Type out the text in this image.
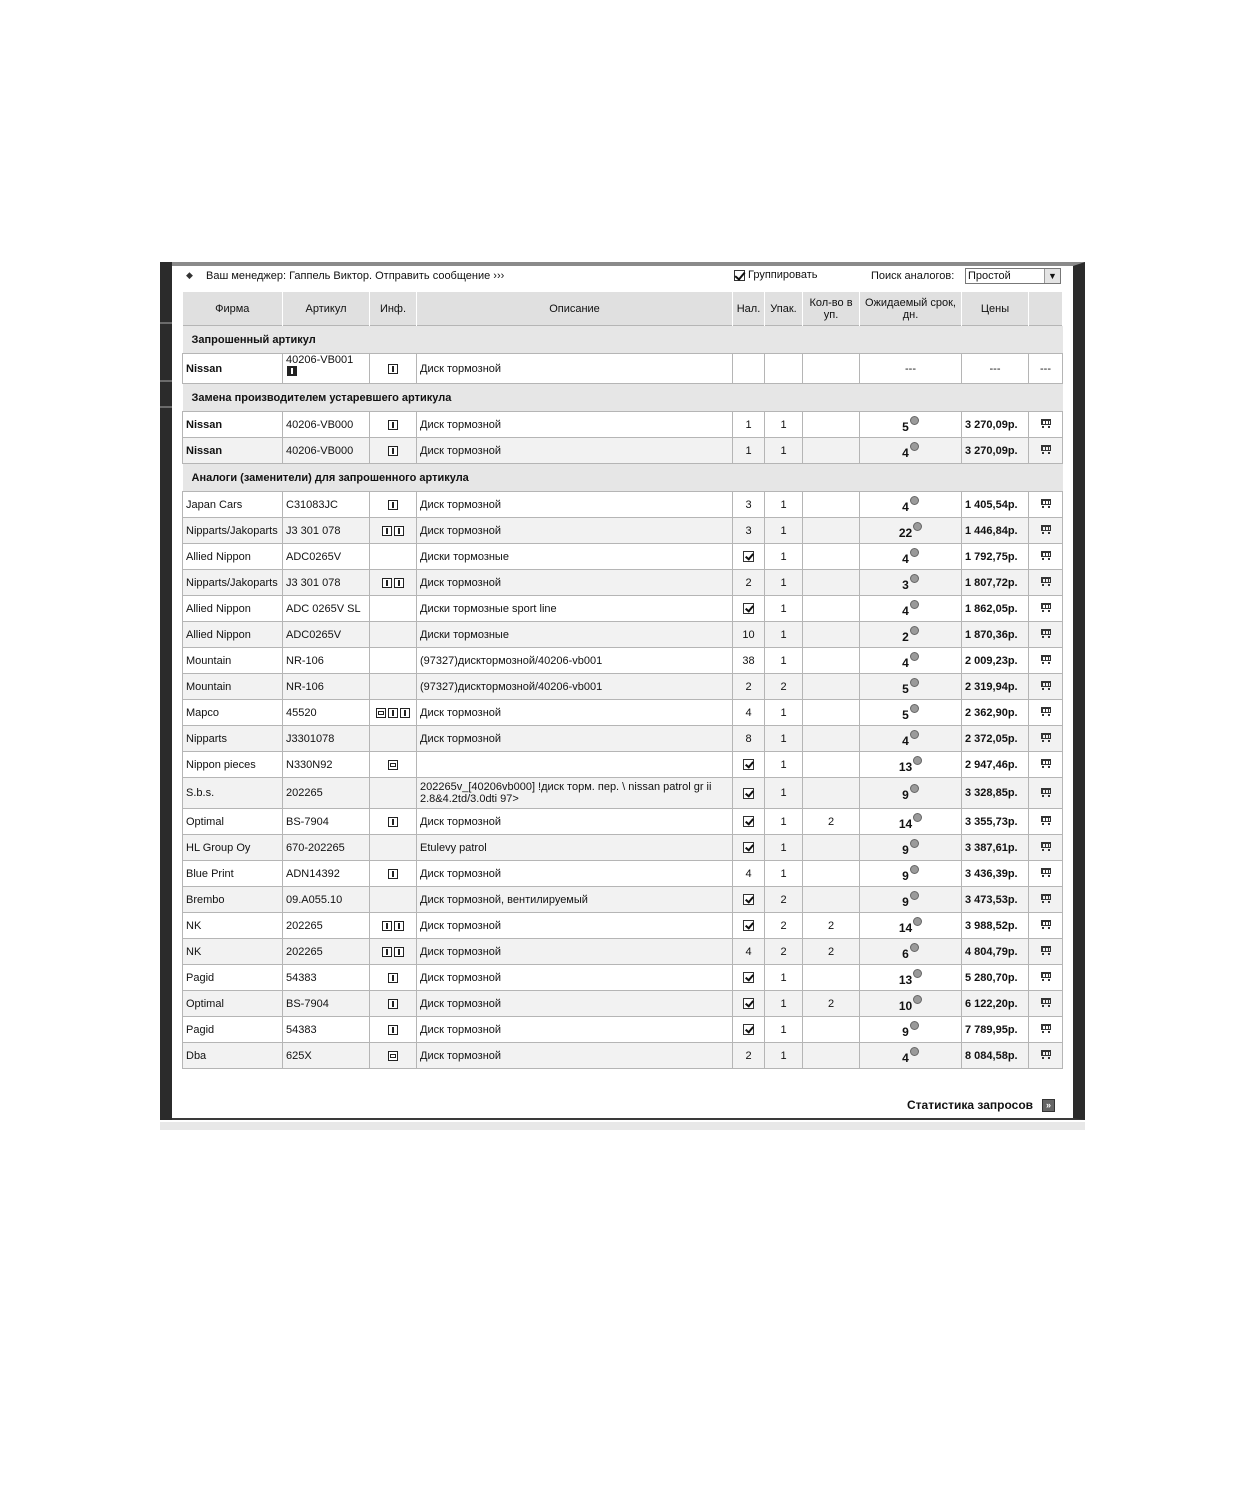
◆ Ваш менеджер: Гаппель Виктор. Отправить сообщение ›››	Группировать	Поиск аналогов: Простой	▼
Фирма	Артикул	Инф.	Описание	Нал.	Упак.	Кол-во в уп.	Ожидаемый срок, дн.	Цены	
Запрошенный артикул									
Nissan	40206-VB001		Диск тормозной				---	---	---
Замена производителем устаревшего артикула									
Nissan	40206-VB000		Диск тормозной	1	1		5	3 270,09р.	
Nissan	40206-VB000		Диск тормозной	1	1		4	3 270,09р.	
Аналоги (заменители) для запрошенного артикула									
Japan Cars	C31083JC		Диск тормозной	3	1		4	1 405,54р.	
Nipparts/Jakoparts	J3 301 078		Диск тормозной	3	1		22	1 446,84р.	
Allied Nippon	ADC0265V		Диски тормозные		1		4	1 792,75р.	
Nipparts/Jakoparts	J3 301 078		Диск тормозной	2	1		3	1 807,72р.	
Allied Nippon	ADC 0265V SL		Диски тормозные sport line		1		4	1 862,05р.	
Allied Nippon	ADC0265V		Диски тормозные	10	1		2	1 870,36р.	
Mountain	NR-106		(97327)дисктормозной/40206-vb001	38	1		4	2 009,23р.	
Mountain	NR-106		(97327)дисктормозной/40206-vb001	2	2		5	2 319,94р.	
Mapco	45520		Диск тормозной	4	1		5	2 362,90р.	
Nipparts	J3301078		Диск тормозной	8	1		4	2 372,05р.	
Nippon pieces	N330N92				1		13	2 947,46р.	
S.b.s.	202265		202265v_[40206vb000] !диск торм. пер. \ nissan patrol gr ii 2.8&4.2td/3.0dti 97>		1		9	3 328,85р.	
Optimal	BS-7904		Диск тормозной		1	2	14	3 355,73р.	
HL Group Oy	670-202265		Etulevy patrol		1		9	3 387,61р.	
Blue Print	ADN14392		Диск тормозной	4	1		9	3 436,39р.	
Brembo	09.A055.10		Диск тормозной, вентилируемый		2		9	3 473,53р.	
NK	202265		Диск тормозной		2	2	14	3 988,52р.	
NK	202265		Диск тормозной	4	2	2	6	4 804,79р.	
Pagid	54383		Диск тормозной		1		13	5 280,70р.	
Optimal	BS-7904		Диск тормозной		1	2	10	6 122,20р.	
Pagid	54383		Диск тормозной		1		9	7 789,95р.	
Dba	625X		Диск тормозной	2	1		4	8 084,58р.	
Статистика запросов	»
